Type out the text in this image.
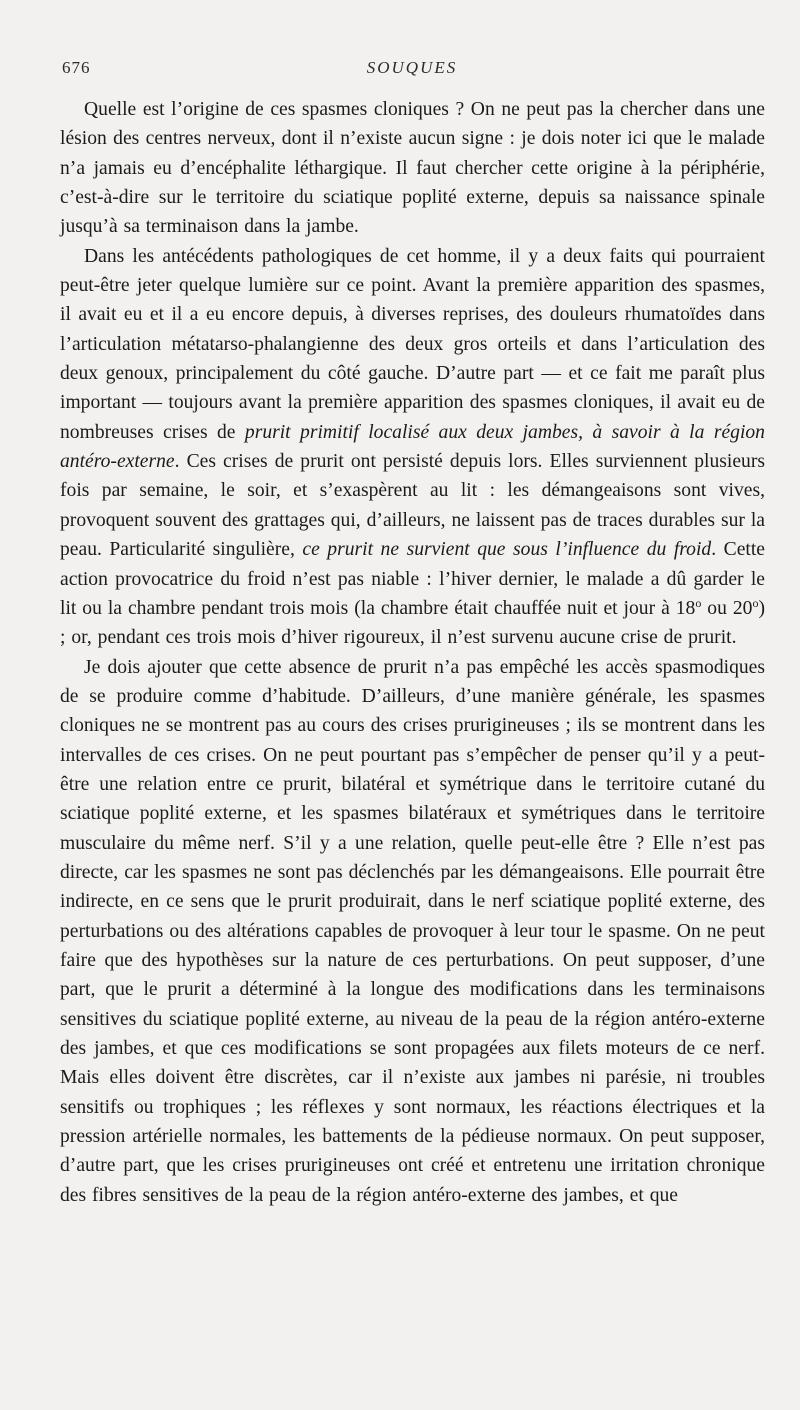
676	SOUQUES

Quelle est l’origine de ces spasmes cloniques ? On ne peut pas la chercher dans une lésion des centres nerveux, dont il n’existe aucun signe : je dois noter ici que le malade n’a jamais eu d’encéphalite léthargique. Il faut chercher cette origine à la périphérie, c’est-à-dire sur le territoire du sciatique poplité externe, depuis sa naissance spinale jusqu’à sa terminaison dans la jambe.

Dans les antécédents pathologiques de cet homme, il y a deux faits qui pourraient peut-être jeter quelque lumière sur ce point. Avant la première apparition des spasmes, il avait eu et il a eu encore depuis, à diverses reprises, des douleurs rhumatoïdes dans l’articulation métatarso-phalangienne des deux gros orteils et dans l’articulation des deux genoux, principalement du côté gauche. D’autre part — et ce fait me paraît plus important — toujours avant la première apparition des spasmes cloniques, il avait eu de nombreuses crises de prurit primitif localisé aux deux jambes, à savoir à la région antéro-externe. Ces crises de prurit ont persisté depuis lors. Elles surviennent plusieurs fois par semaine, le soir, et s’exaspèrent au lit : les démangeaisons sont vives, provoquent souvent des grattages qui, d’ailleurs, ne laissent pas de traces durables sur la peau. Particularité singulière, ce prurit ne survient que sous l’influence du froid. Cette action provocatrice du froid n’est pas niable : l’hiver dernier, le malade a dû garder le lit ou la chambre pendant trois mois (la chambre était chauffée nuit et jour à 18$^o$ ou 20$^o$) ; or, pendant ces trois mois d’hiver rigoureux, il n’est survenu aucune crise de prurit.

Je dois ajouter que cette absence de prurit n’a pas empêché les accès spasmodiques de se produire comme d’habitude. D’ailleurs, d’une manière générale, les spasmes cloniques ne se montrent pas au cours des crises prurigineuses ; ils se montrent dans les intervalles de ces crises. On ne peut pourtant pas s’empêcher de penser qu’il y a peut-être une relation entre ce prurit, bilatéral et symétrique dans le territoire cutané du sciatique poplité externe, et les spasmes bilatéraux et symétriques dans le territoire musculaire du même nerf. S’il y a une relation, quelle peut-elle être ? Elle n’est pas directe, car les spasmes ne sont pas déclenchés par les démangeaisons. Elle pourrait être indirecte, en ce sens que le prurit produirait, dans le nerf sciatique poplité externe, des perturbations ou des altérations capables de provoquer à leur tour le spasme. On ne peut faire que des hypothèses sur la nature de ces perturbations. On peut supposer, d’une part, que le prurit a déterminé à la longue des modifications dans les terminaisons sensitives du sciatique poplité externe, au niveau de la peau de la région antéro-externe des jambes, et que ces modifications se sont propagées aux filets moteurs de ce nerf. Mais elles doivent être discrètes, car il n’existe aux jambes ni parésie, ni troubles sensitifs ou trophiques ; les réflexes y sont normaux, les réactions électriques et la pression artérielle normales, les battements de la pédieuse normaux. On peut supposer, d’autre part, que les crises prurigineuses ont créé et entretenu une irritation chronique des fibres sensitives de la peau de la région antéro-externe des jambes, et que
